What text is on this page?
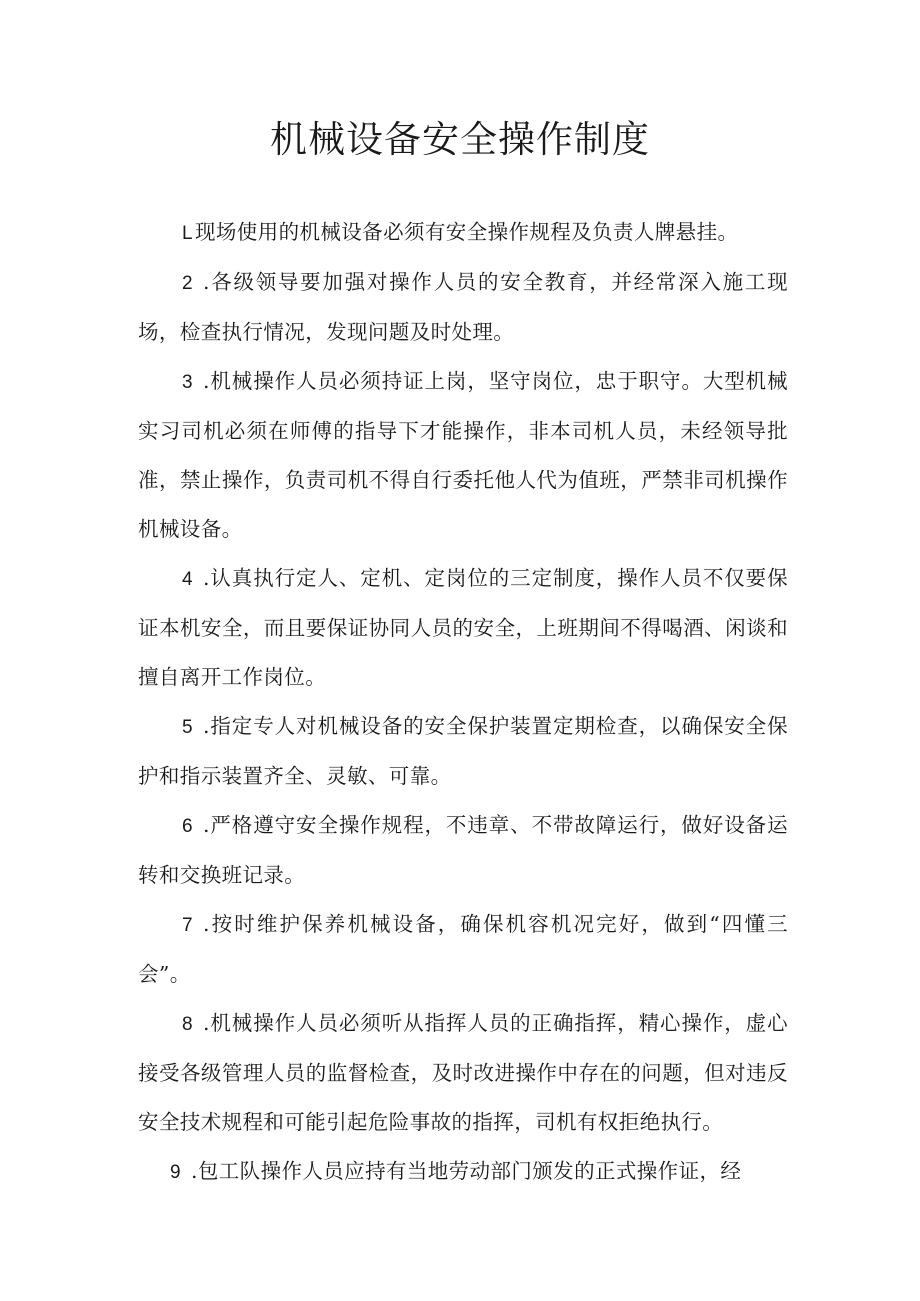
机械设备安全操作制度

L现场使用的机械设备必须有安全操作规程及负责人牌悬挂。

2 .各级领导要加强对操作人员的安全教育，并经常深入施工现场，检查执行情况，发现问题及时处理。

3 .机械操作人员必须持证上岗，坚守岗位，忠于职守。大型机械实习司机必须在师傅的指导下才能操作，非本司机人员，未经领导批准，禁止操作，负责司机不得自行委托他人代为值班，严禁非司机操作机械设备。

4 .认真执行定人、定机、定岗位的三定制度，操作人员不仅要保证本机安全，而且要保证协同人员的安全，上班期间不得喝酒、闲谈和擅自离开工作岗位。

5 .指定专人对机械设备的安全保护装置定期检查，以确保安全保护和指示装置齐全、灵敏、可靠。

6 .严格遵守安全操作规程，不违章、不带故障运行，做好设备运转和交换班记录。

7 .按时维护保养机械设备，确保机容机况完好，做到“四懂三会”。

8 .机械操作人员必须听从指挥人员的正确指挥，精心操作，虚心接受各级管理人员的监督检查，及时改进操作中存在的问题，但对违反安全技术规程和可能引起危险事故的指挥，司机有权拒绝执行。

9 .包工队操作人员应持有当地劳动部门颁发的正式操作证，经
